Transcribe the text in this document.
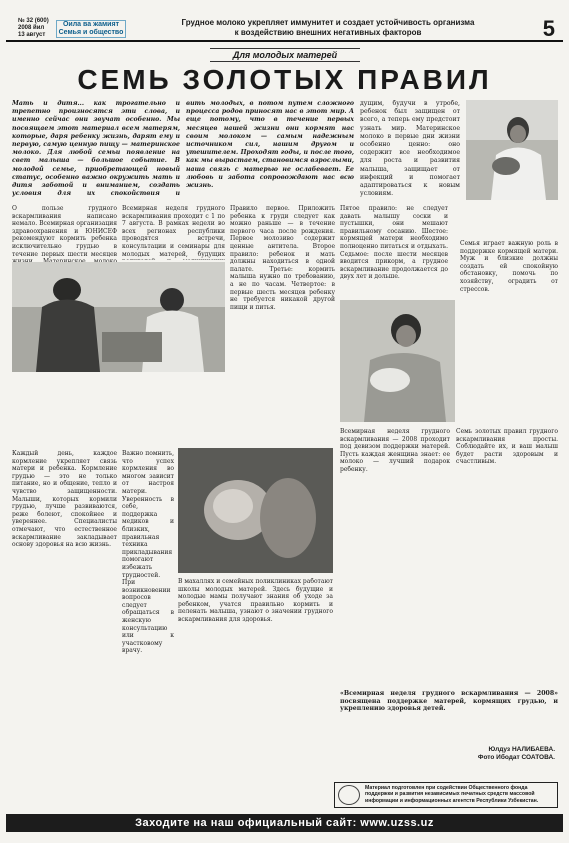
№ 32 (600)
2008 йил
13 август
Оила ва жамият
Семья и общество
Грудное молоко укрепляет иммунитет и создает устойчивость организма
к воздействию внешних негативных факторов	5
Для молодых матерей
СЕМЬ ЗОЛОТЫХ ПРАВИЛ
Мать и дитя... как трогательно и трепетно произносятся эти слова, и именно сейчас они звучат особенно. Мы посвящаем этот материал всем матерям, которые, даря ребенку жизнь, дарят ему и первую, самую ценную пищу — материнское молоко. Для любой семьи появление на свет малыша — большое событие. В молодой семье, приобретающей новый статус, особенно важно окружить мать и дитя заботой и вниманием, создать условия для их спокойствия и
вить молодых, в потом путем сложного процесса родов приносят нас в этот мир. А еще потому, что в течение первых месяцев нашей жизни они кормят нас своим молоком — самым надежным источником сил, нашим другом и утешителем. Проходят годы, и после того, как мы вырастаем, становимся взрослыми, наша связь с матерью не ослабевает. Ее любовь и забота сопровождают нас всю жизнь.
дущим, будучи в утробе, ребенок был защищен от всего, а теперь ему предстоит узнать мир. Материнское молоко в первые дни жизни особенно ценно: оно содержит все необходимое для роста и развития малыша, защищает от инфекций и помогает адаптироваться к новым условиям.
О пользе грудного вскармливания написано немало. Всемирная организация здравоохранения и ЮНИСЕФ рекомендуют кормить ребенка исключительно грудью в течение первых шести месяцев
Всемирная неделя грудного вскармливания проходит с 1 по 7 августа. В рамках недели во всех регионах республики проводятся встречи, консультации и семинары для молодых матерей, будущих
Правило первое. Приложить ребенка к груди следует как можно раньше — в течение первого часа после рождения. Первое молозиво содержит ценные антитела. Второе правило: ребенок и мать должны находиться в одной палате. Третье: кормить малыша нужно по требованию, а не по часам. Четвертое: в первые шесть месяцев ребенку не требуется никакой другой пищи и питья.
Пятое правило: не следует давать малышу соски и пустышки, они мешают правильному сосанию. Шестое: кормящей матери необходимо полноценно питаться и отдыхать. Седьмое: после шести месяцев вводится прикорм, а грудное вскармливание продолжается до двух лет и дольше.
Семья играет важную роль в поддержке кормящей матери. Муж и близкие должны создать ей спокойную обстановку, помочь по хозяйству, оградить от стрессов.
Каждый день, каждое кормление укрепляет связь матери и ребенка. Кормление грудью — это не только питание, но и общение, тепло и чувство защищенности. Малыши, которых кормили грудью, лучше развиваются, реже болеют, спокойнее и увереннее. Специалисты отмечают, что естественное вскармливание закладывает основу здоровья на всю жизнь.
Важно помнить, что успех кормления во многом зависит от настроя матери. Уверенность в себе, поддержка медиков и близких, правильная техника прикладывания помогают избежать трудностей. При возникновении вопросов следует обращаться в женскую консультацию или к участковому врачу.
В махаллях и семейных поликлиниках работают школы молодых матерей. Здесь будущие и молодые мамы получают знания об уходе за ребенком, учатся правильно кормить и пеленать малыша, узнают о значении грудного вскармливания для здоровья.
Всемирная неделя грудного вскармливания — 2008 проходит под девизом поддержки матерей. Пусть каждая женщина знает: ее молоко — лучший подарок ребенку.
Семь золотых правил грудного вскармливания просты. Соблюдайте их, и ваш малыш будет расти здоровым и счастливым.
«Всемирная неделя грудного вскармливания — 2008» посвящена поддержке матерей, кормящих грудью, и укреплению здоровья детей.
Юлдуз НАЛИБАЕВА.
Фото Ибодат СОАТОВА.
Материал подготовлен при содействии Общественного фонда поддержки и развития независимых печатных средств массовой информации и информационных агентств Республики Узбекистан.
Заходите на наш официальный сайт: www.uzss.uz
